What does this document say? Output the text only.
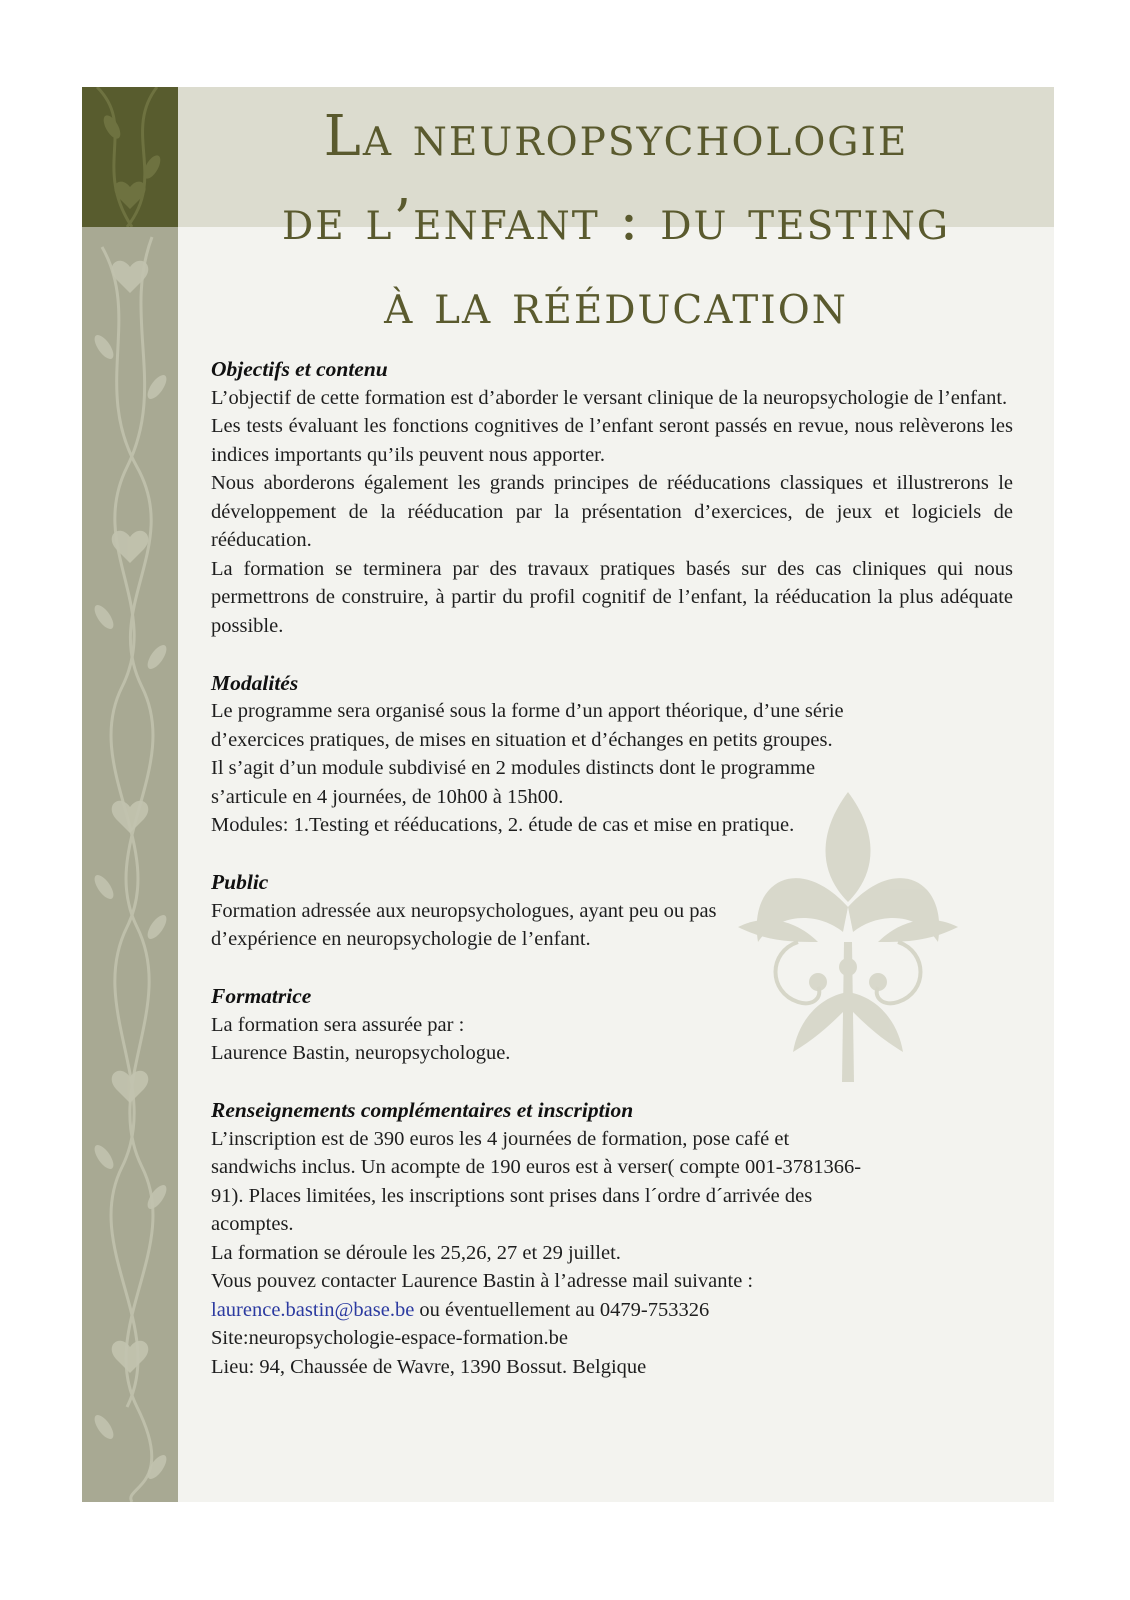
La neuropsychologie
de l’enfant : du testing
à la rééducation
Objectifs et contenu

L’objectif de cette formation est d’aborder le versant clinique de la neuropsychologie de l’enfant.

Les tests évaluant les fonctions cognitives de l’enfant seront passés en revue, nous relèverons les indices importants qu’ils peuvent nous apporter.

Nous aborderons également les grands principes de rééducations classiques et illustrerons le développement de la rééducation par la présentation d’exercices, de jeux et logiciels de rééducation.

La formation se terminera par des travaux pratiques basés sur des cas cliniques qui nous permettrons de construire, à partir du profil cognitif de l’enfant, la rééducation la plus adéquate possible.

Modalités

Le programme sera organisé sous la forme d’un apport théorique, d’une série

d’exercices pratiques, de mises en situation et d’échanges en petits groupes.

Il s’agit d’un module subdivisé en 2 modules distincts dont le programme

s’articule en 4 journées, de 10h00 à 15h00.

Modules: 1.Testing et rééducations, 2. étude de cas et mise en pratique.

Public

Formation adressée aux neuropsychologues, ayant peu ou pas

d’expérience en neuropsychologie de l’enfant.

Formatrice

La formation sera assurée par :

Laurence Bastin, neuropsychologue.

Renseignements complémentaires et inscription

L’inscription est de 390 euros les 4 journées de formation, pose café et

sandwichs inclus. Un acompte de 190 euros est à verser( compte 001-3781366-

91). Places limitées, les inscriptions sont prises dans l´ordre d´arrivée des

acomptes.

La formation se déroule les 25,26, 27 et 29 juillet.

Vous pouvez contacter Laurence Bastin à l’adresse mail suivante :

laurence.bastin@base.be ou éventuellement au 0479-753326

Site:neuropsychologie-espace-formation.be

Lieu: 94, Chaussée de Wavre, 1390 Bossut. Belgique
